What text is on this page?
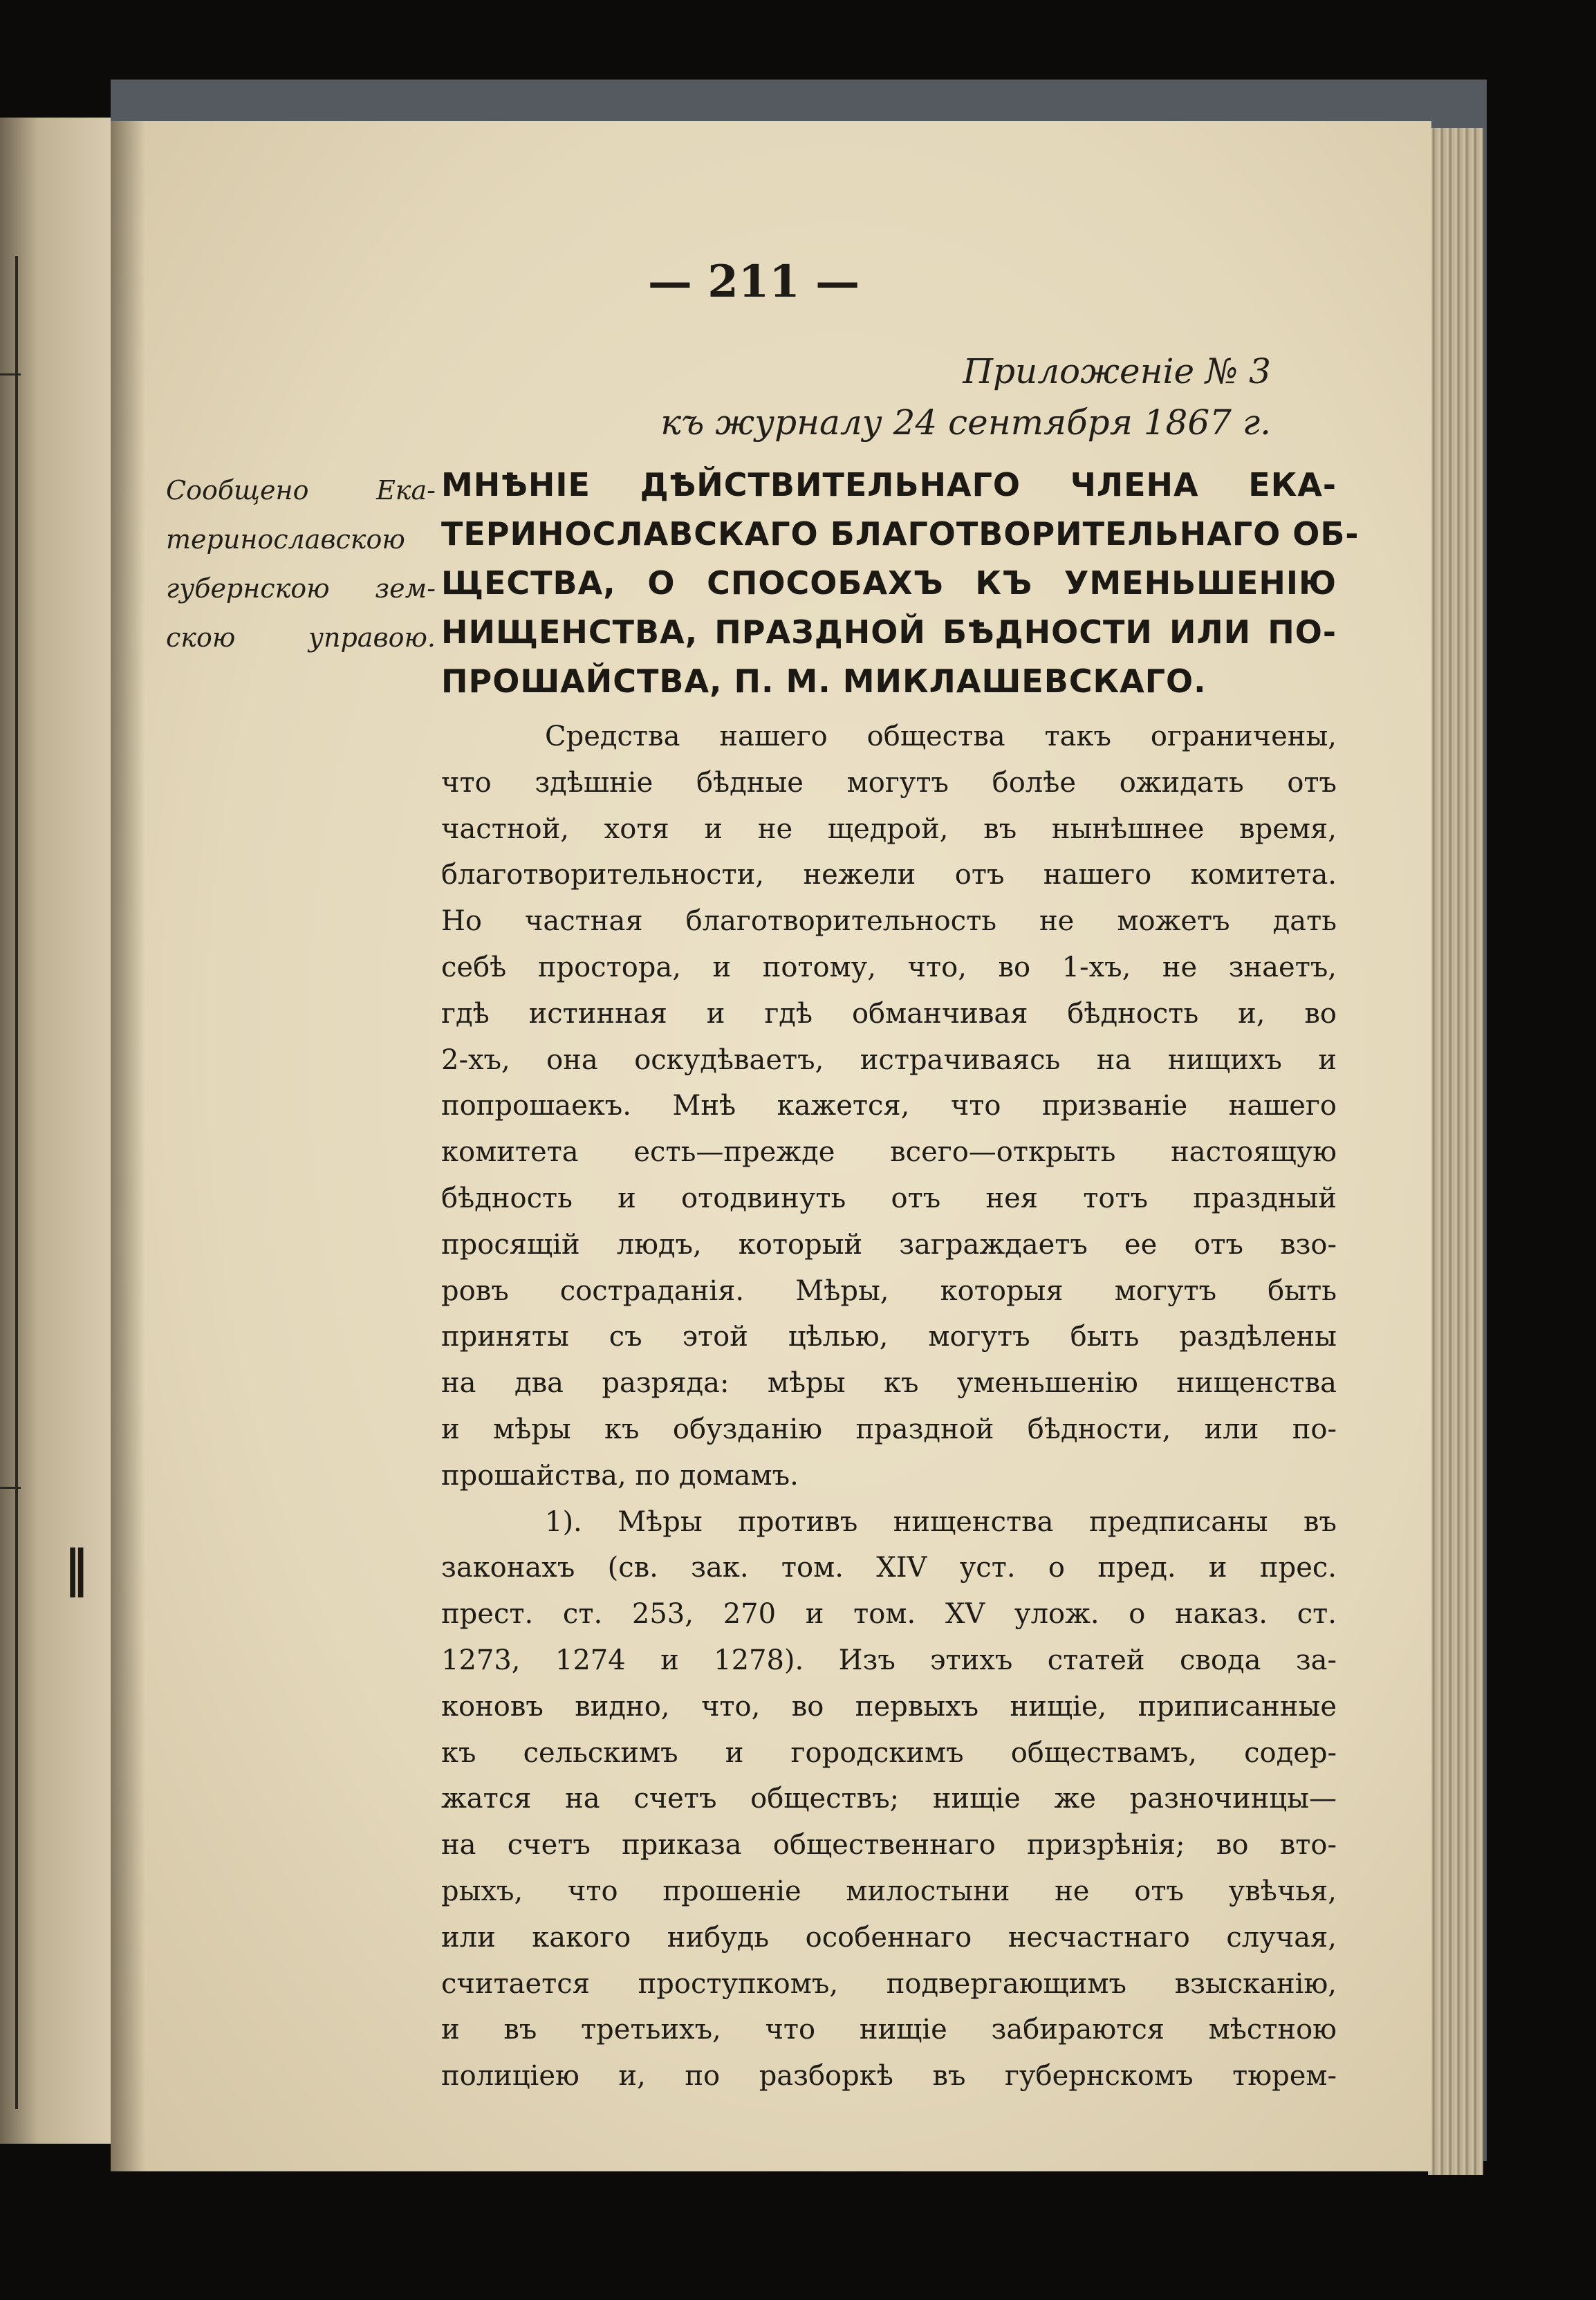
‖
— 211 —
Приложеніе № 3
къ журналу 24 сентября 1867 г.
Сообщено Ека-
теринославскою
губернскою зем-
скою управою.
МНѢНІЕ ДѢЙСТВИТЕЛЬНАГО ЧЛЕНА ЕКА-
ТЕРИНОСЛАВСКАГО БЛАГОТВОРИТЕЛЬНАГО ОБ-
ЩЕСТВА, О СПОСОБАХЪ КЪ УМЕНЬШЕНІЮ
НИЩЕНСТВА, ПРАЗДНОЙ БѢДНОСТИ ИЛИ ПО-
ПРОШАЙСТВА, П. М. МИКЛАШЕВСКАГО.
Средства нашего общества такъ ограничены,
что здѣшніе бѣдные могутъ болѣе ожидать отъ
частной, хотя и не щедрой, въ нынѣшнее время,
благотворительности, нежели отъ нашего комитета.
Но частная благотворительность не можетъ дать
себѣ простора, и потому, что, во 1-хъ, не знаетъ,
гдѣ истинная и гдѣ обманчивая бѣдность и, во
2-хъ, она оскудѣваетъ, истрачиваясь на нищихъ и
попрошаекъ. Мнѣ кажется, что призваніе нашего
комитета есть—прежде всего—открыть настоящую
бѣдность и отодвинуть отъ нея тотъ праздный
просящій людъ, который заграждаетъ ее отъ взо-
ровъ состраданія. Мѣры, которыя могутъ быть
приняты съ этой цѣлью, могутъ быть раздѣлены
на два разряда: мѣры къ уменьшенію нищенства
и мѣры къ обузданію праздной бѣдности, или по-
прошайства, по домамъ.
1). Мѣры противъ нищенства предписаны въ
законахъ (св. зак. том. XIV уст. о пред. и прес.
прест. ст. 253, 270 и том. XV улож. о наказ. ст.
1273, 1274 и 1278). Изъ этихъ статей свода за-
коновъ видно, что, во первыхъ нищіе, приписанные
къ сельскимъ и городскимъ обществамъ, содер-
жатся на счетъ обществъ; нищіе же разночинцы—
на счетъ приказа общественнаго призрѣнія; во вто-
рыхъ, что прошеніе милостыни не отъ увѣчья,
или какого нибудь особеннаго несчастнаго случая,
считается проступкомъ, подвергающимъ взысканію,
и въ третьихъ, что нищіе забираются мѣстною
полиціею и, по разборкѣ въ губернскомъ тюрем-
